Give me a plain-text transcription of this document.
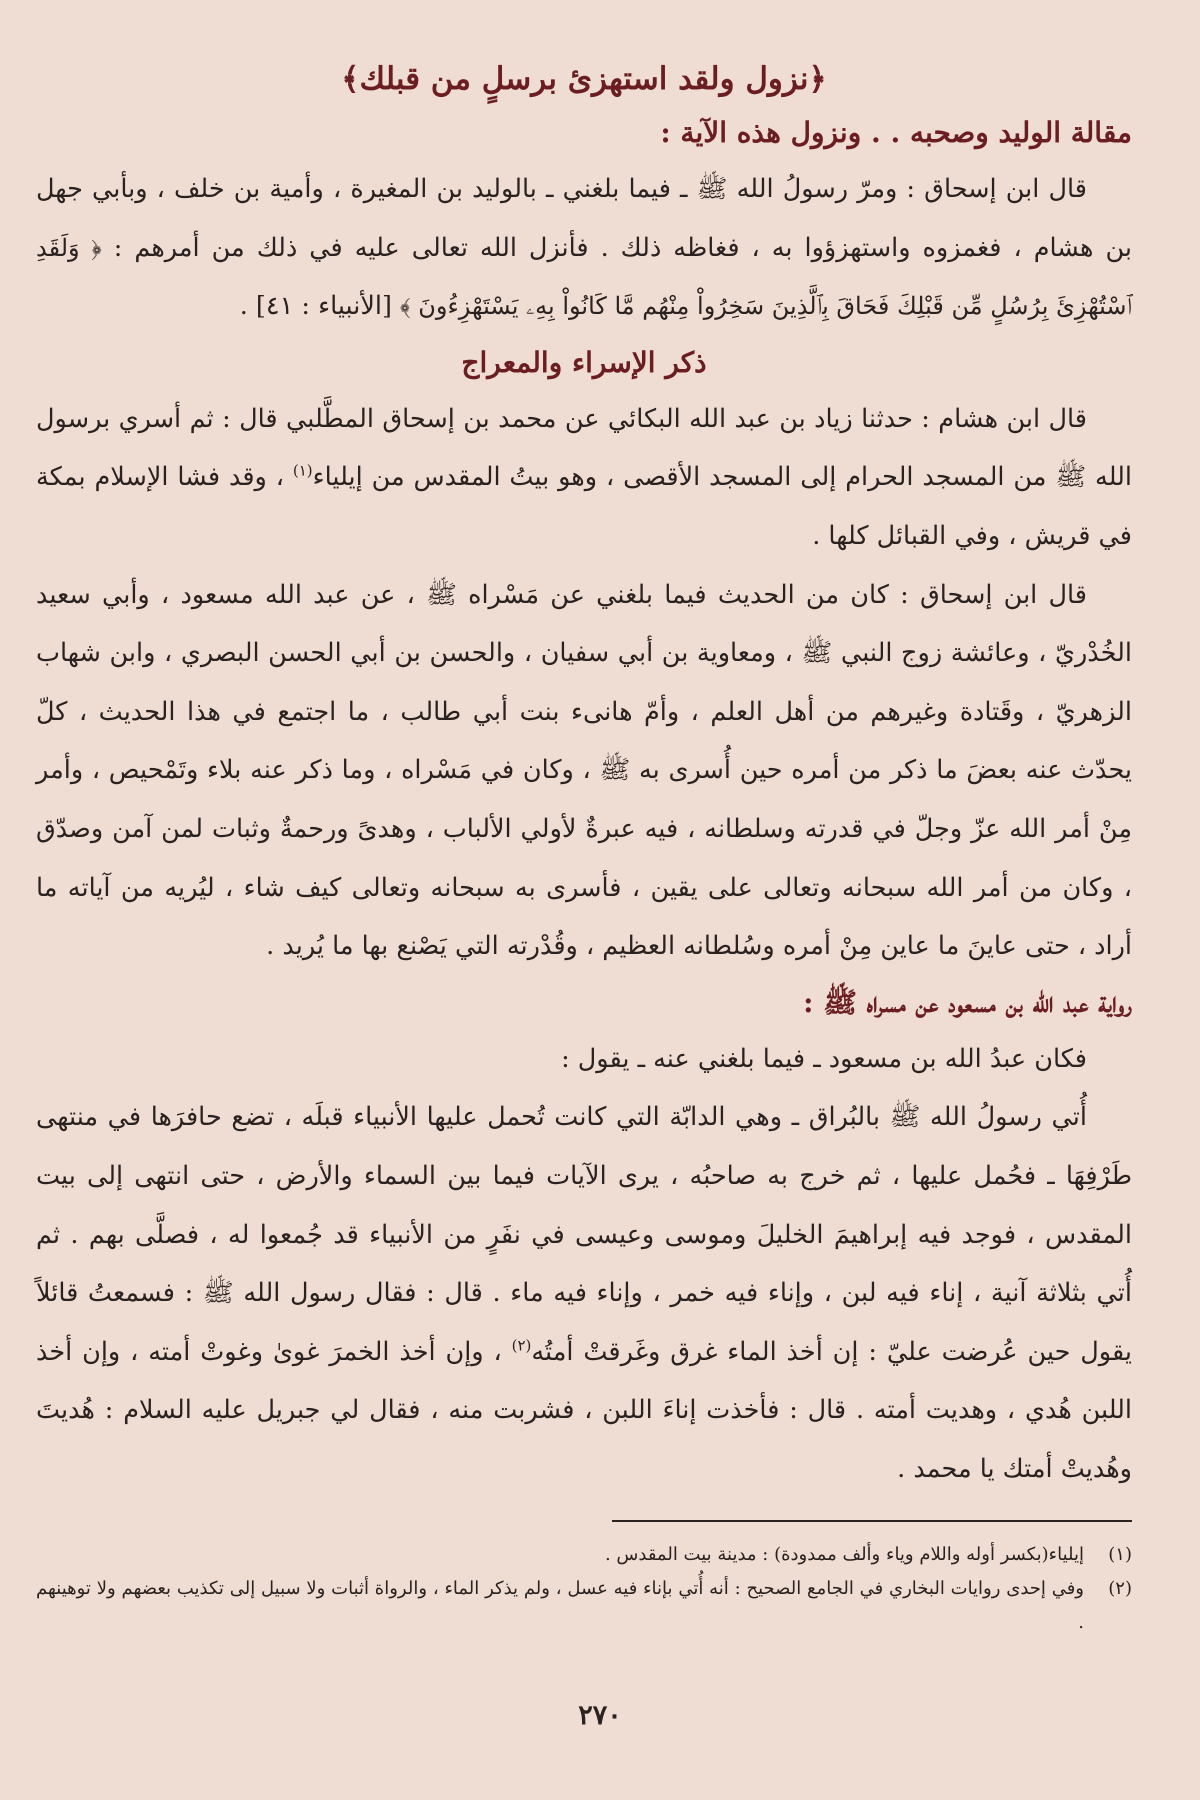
﴿نزول ولقد استهزئ برسلٍ من قبلك﴾
مقالة الوليد وصحبه . . ونزول هذه الآية :

قال ابن إسحاق : ومرّ رسولُ الله ﷺ ـ فيما بلغني ـ بالوليد بن المغيرة ، وأمية بن خلف ، وبأبي جهل بن هشام ، فغمزوه واستهزؤوا به ، فغاظه ذلك . فأنزل الله تعالى عليه في ذلك من أمرهم : ﴿ وَلَقَدِ ٱسْتُهْزِئَ بِرُسُلٍ مِّن قَبْلِكَ فَحَاقَ بِٱلَّذِينَ سَخِرُواْ مِنْهُم مَّا كَانُواْ بِهِۦ يَسْتَهْزِءُونَ ﴾ [الأنبياء : ٤١] .

ذكر الإسراء والمعراج

قال ابن هشام : حدثنا زياد بن عبد الله البكائي عن محمد بن إسحاق المطَّلبي قال : ثم أسري برسول الله ﷺ من المسجد الحرام إلى المسجد الأقصى ، وهو بيتُ المقدس من إيلياء$^{(١)}$ ، وقد فشا الإسلام بمكة في قريش ، وفي القبائل كلها .

قال ابن إسحاق : كان من الحديث فيما بلغني عن مَسْراه ﷺ ، عن عبد الله مسعود ، وأبي سعيد الخُدْريّ ، وعائشة زوج النبي ﷺ ، ومعاوية بن أبي سفيان ، والحسن بن أبي الحسن البصري ، وابن شهاب الزهريّ ، وقَتادة وغيرهم من أهل العلم ، وأمّ هانىء بنت أبي طالب ، ما اجتمع في هذا الحديث ، كلّ يحدّث عنه بعضَ ما ذكر من أمره حين أُسرى به ﷺ ، وكان في مَسْراه ، وما ذكر عنه بلاء وتَمْحيص ، وأمر مِنْ أمر الله عزّ وجلّ في قدرته وسلطانه ، فيه عبرةٌ لأولي الألباب ، وهدىً ورحمةٌ وثبات لمن آمن وصدّق ، وكان من أمر الله سبحانه وتعالى على يقين ، فأسرى به سبحانه وتعالى كيف شاء ، ليُريه من آياته ما أراد ، حتى عاينَ ما عاين مِنْ أمره وسُلطانه العظيم ، وقُدْرته التي يَصْنع بها ما يُريد .

رواية عبد الله بن مسعود عن مسراه ﷺ :

فكان عبدُ الله بن مسعود ـ فيما بلغني عنه ـ يقول :

أُتي رسولُ الله ﷺ بالبُراق ـ وهي الدابّة التي كانت تُحمل عليها الأنبياء قبلَه ، تضع حافرَها في منتهى طَرْفِهَا ـ فحُمل عليها ، ثم خرج به صاحبُه ، يرى الآيات فيما بين السماء والأرض ، حتى انتهى إلى بيت المقدس ، فوجد فيه إبراهيمَ الخليلَ وموسى وعيسى في نفَرٍ من الأنبياء قد جُمعوا له ، فصلَّى بهم . ثم أُتي بثلاثة آنية ، إناء فيه لبن ، وإناء فيه خمر ، وإناء فيه ماء . قال : فقال رسول الله ﷺ : فسمعتُ قائلاً يقول حين عُرضت عليّ : إن أخذ الماء غرق وغَرقتْ أمتُه$^{(٢)}$ ، وإن أخذ الخمرَ غوىٰ وغوتْ أمته ، وإن أخذ اللبن هُدي ، وهديت أمته . قال : فأخذت إناءَ اللبن ، فشربت منه ، فقال لي جبريل عليه السلام : هُديتَ وهُديتْ أمتك يا محمد .

(١)
إيلياء(بكسر أوله واللام وياء وألف ممدودة) : مدينة بيت المقدس .
(٢)
وفي إحدى روايات البخاري في الجامع الصحيح : أنه أُتي بإناء فيه عسل ، ولم يذكر الماء ، والرواة أثبات ولا سبيل إلى تكذيب بعضهم ولا توهينهم .
٢٧٠
